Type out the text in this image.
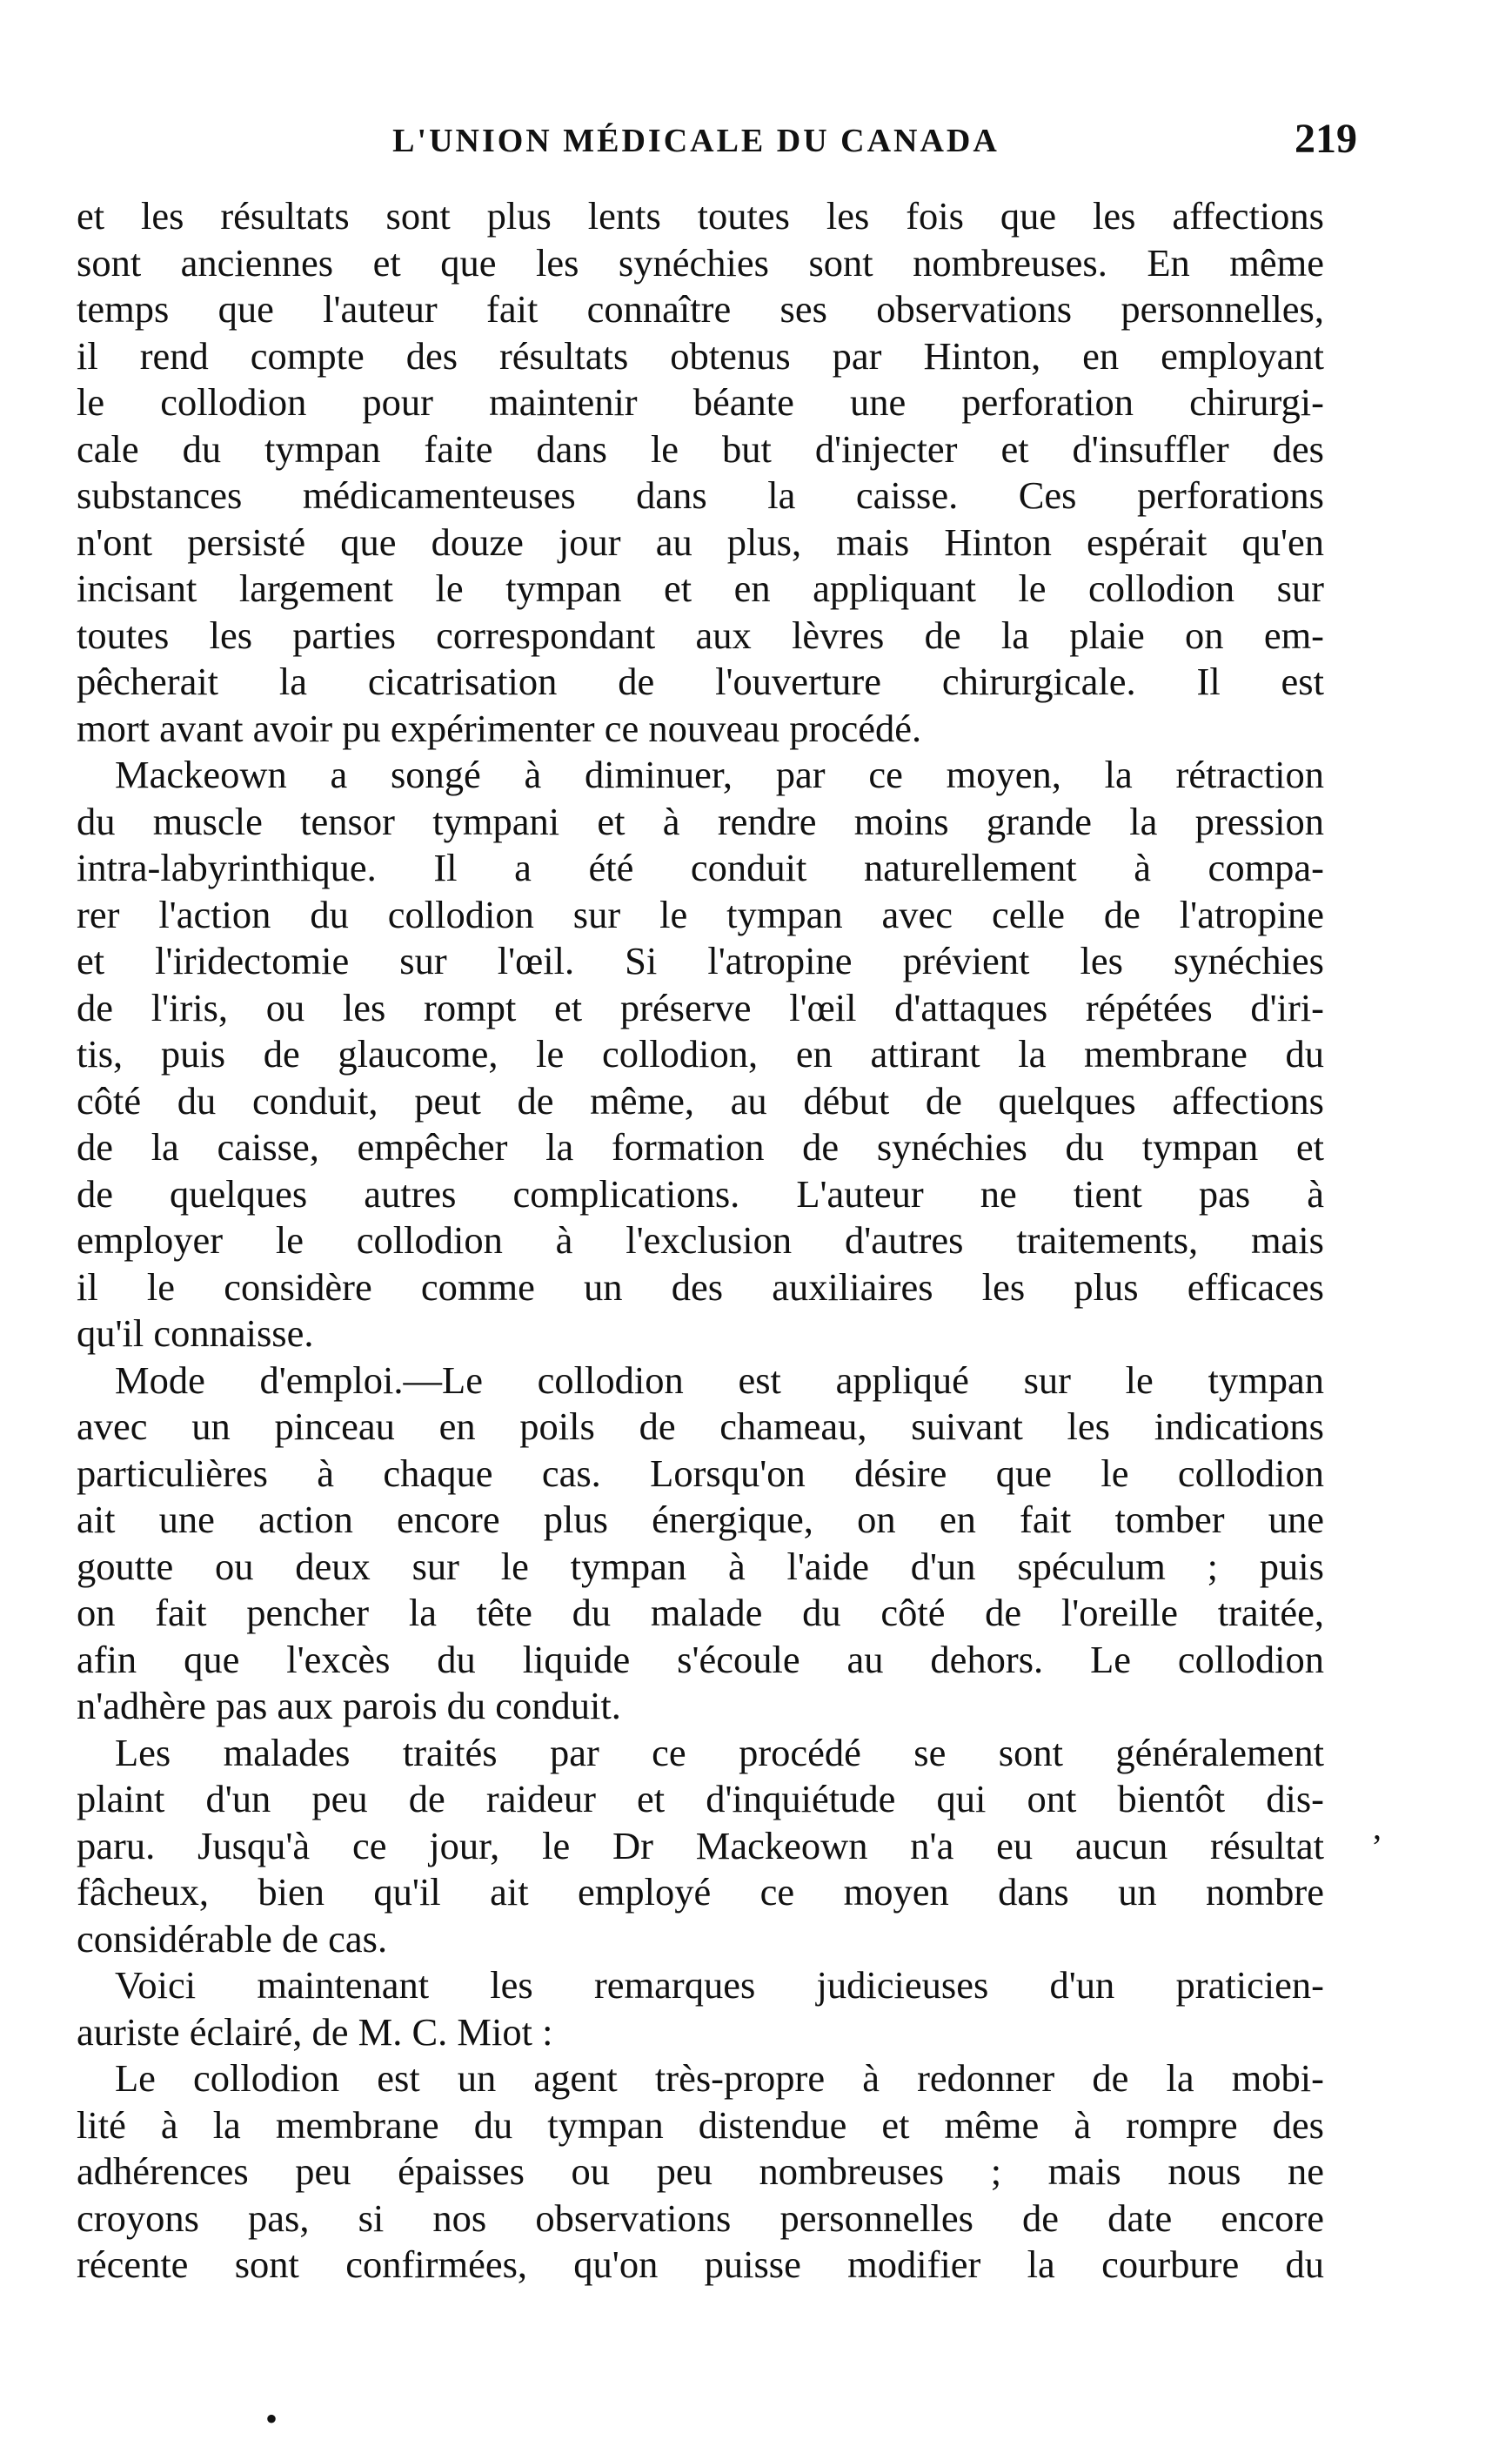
L'UNION MÉDICALE DU CANADA	219
et les résultats sont plus lents toutes les fois que les affections
sont anciennes et que les synéchies sont nombreuses. En même
temps que l'auteur fait connaître ses observations personnelles,
il rend compte des résultats obtenus par Hinton, en employant
le collodion pour maintenir béante une perforation chirurgi-
cale du tympan faite dans le but d'injecter et d'insuffler des
substances médicamenteuses dans la caisse. Ces perforations
n'ont persisté que douze jour au plus, mais Hinton espérait qu'en
incisant largement le tympan et en appliquant le collodion sur
toutes les parties correspondant aux lèvres de la plaie on em-
pêcherait la cicatrisation de l'ouverture chirurgicale. Il est
mort avant avoir pu expérimenter ce nouveau procédé.
Mackeown a songé à diminuer, par ce moyen, la rétraction
du muscle tensor tympani et à rendre moins grande la pression
intra-labyrinthique. Il a été conduit naturellement à compa-
rer l'action du collodion sur le tympan avec celle de l'atropine
et l'iridectomie sur l'œil. Si l'atropine prévient les synéchies
de l'iris, ou les rompt et préserve l'œil d'attaques répétées d'iri-
tis, puis de glaucome, le collodion, en attirant la membrane du
côté du conduit, peut de même, au début de quelques affections
de la caisse, empêcher la formation de synéchies du tympan et
de quelques autres complications. L'auteur ne tient pas à
employer le collodion à l'exclusion d'autres traitements, mais
il le considère comme un des auxiliaires les plus efficaces
qu'il connaisse.
Mode d'emploi.—Le collodion est appliqué sur le tympan
avec un pinceau en poils de chameau, suivant les indications
particulières à chaque cas. Lorsqu'on désire que le collodion
ait une action encore plus énergique, on en fait tomber une
goutte ou deux sur le tympan à l'aide d'un spéculum ; puis
on fait pencher la tête du malade du côté de l'oreille traitée,
afin que l'excès du liquide s'écoule au dehors. Le collodion
n'adhère pas aux parois du conduit.
Les malades traités par ce procédé se sont généralement
plaint d'un peu de raideur et d'inquiétude qui ont bientôt dis-
paru. Jusqu'à ce jour, le Dr Mackeown n'a eu aucun résultat
fâcheux, bien qu'il ait employé ce moyen dans un nombre
considérable de cas.
Voici maintenant les remarques judicieuses d'un praticien-
auriste éclairé, de M. C. Miot :
Le collodion est un agent très-propre à redonner de la mobi-
lité à la membrane du tympan distendue et même à rompre des
adhérences peu épaisses ou peu nombreuses ; mais nous ne
croyons pas, si nos observations personnelles de date encore
récente sont confirmées, qu'on puisse modifier la courbure du
,
•
